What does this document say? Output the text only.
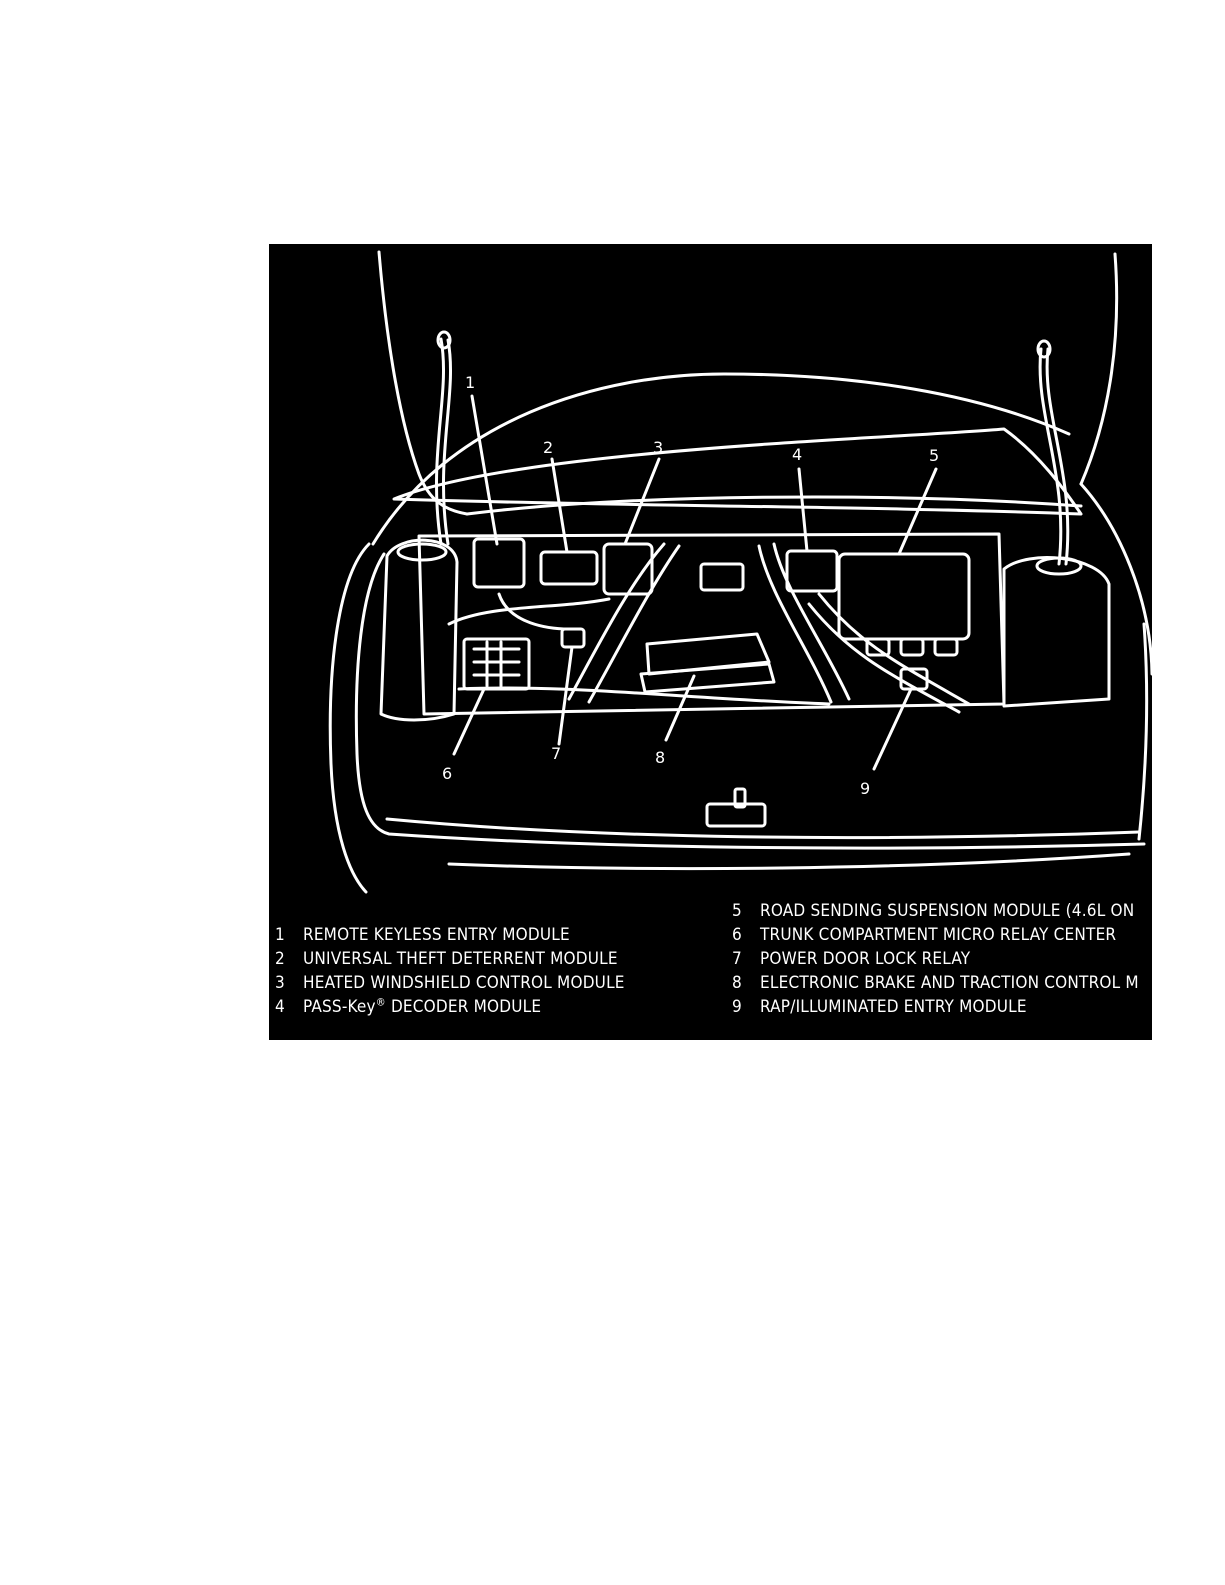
1
2	3	4	5
6
7	8
9
1 REMOTE KEYLESS ENTRY MODULE
2 UNIVERSAL THEFT DETERRENT MODULE
3 HEATED WINDSHIELD CONTROL MODULE
4 PASS-Key® DECODER MODULE
5 ROAD SENDING SUSPENSION MODULE (4.6L ON
6 TRUNK COMPARTMENT MICRO RELAY CENTER
7 POWER DOOR LOCK RELAY
8 ELECTRONIC BRAKE AND TRACTION CONTROL M
9 RAP/ILLUMINATED ENTRY MODULE
